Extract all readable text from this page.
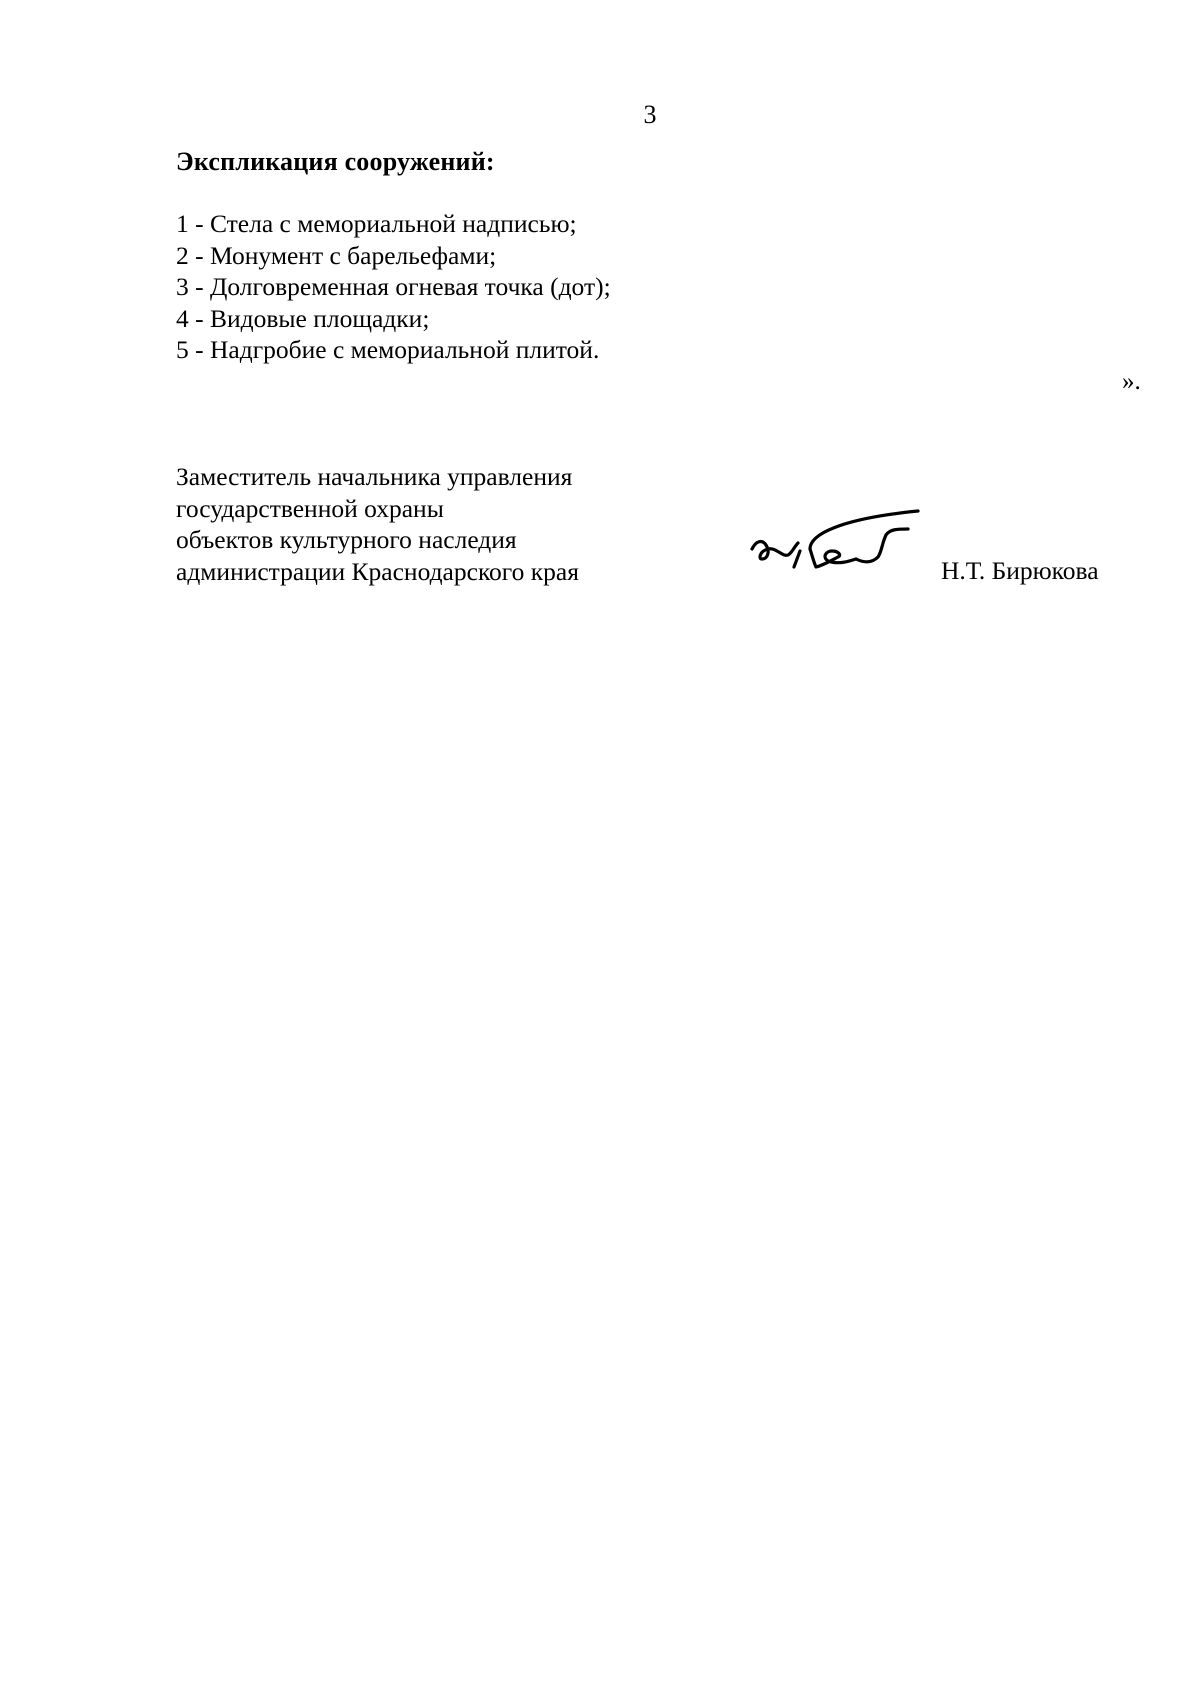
3
Экспликация сооружений:
1 - Стела с мемориальной надписью;
2 - Монумент с барельефами;
3 - Долговременная огневая точка (дот);
4 - Видовые площадки;
5 - Надгробие с мемориальной плитой.
».
Заместитель начальника управления
государственной охраны
объектов культурного наследия
администрации Краснодарского края	Н.Т. Бирюкова
